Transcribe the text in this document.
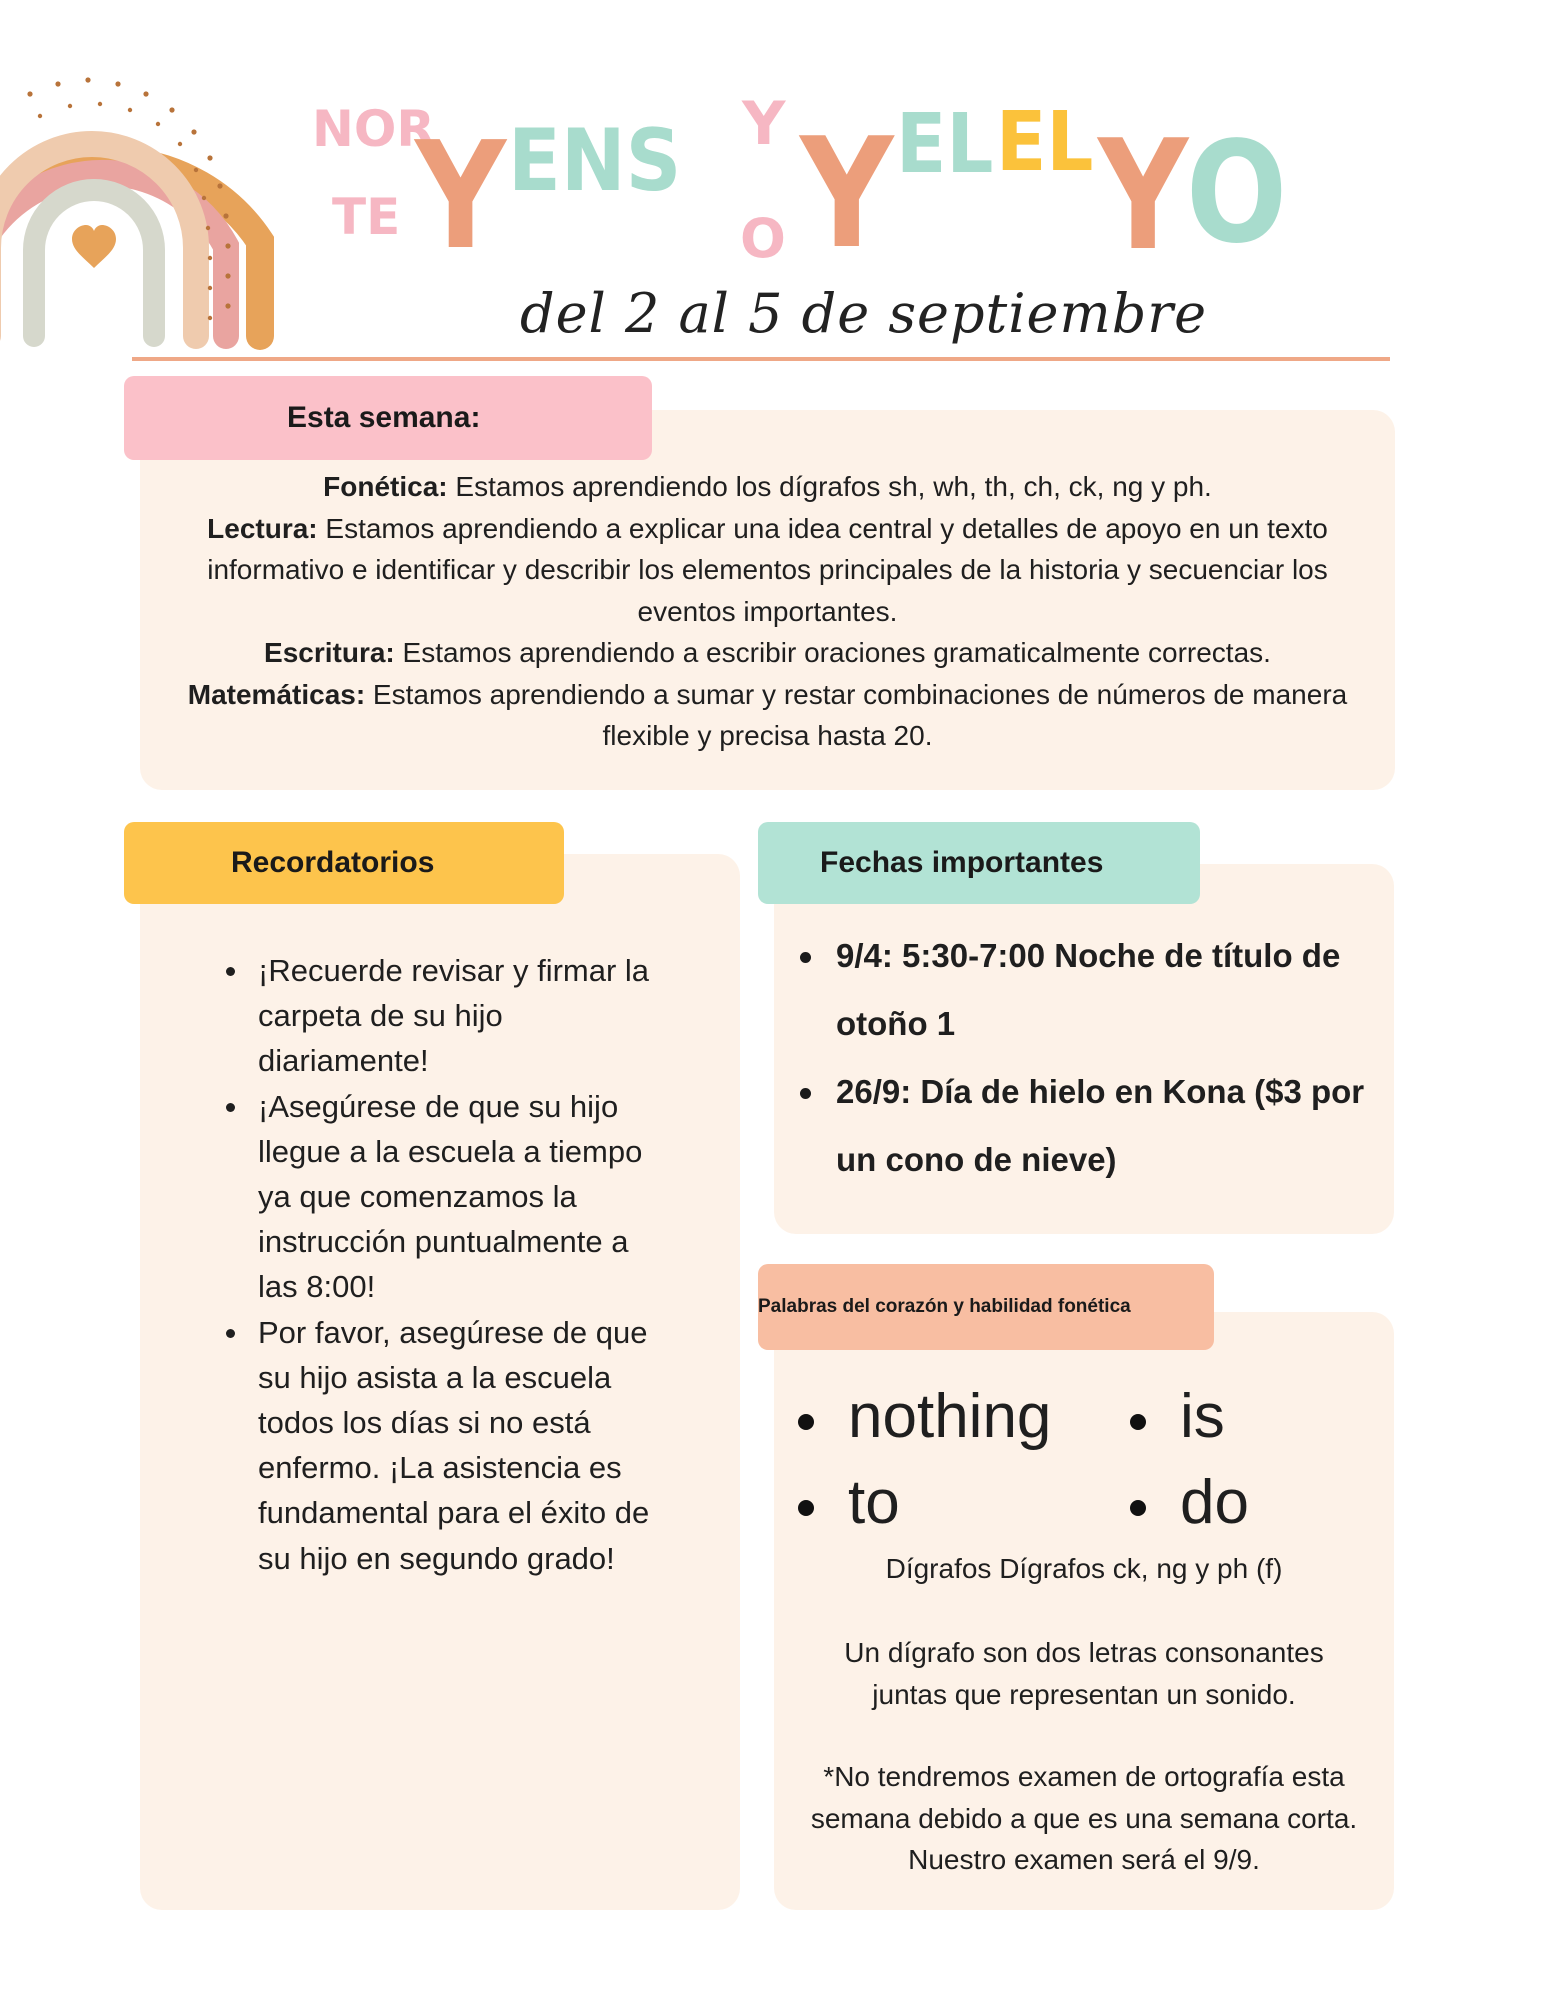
NOR
TE Y ENS Y
O Y EL EL Y
O
del 2 al 5 de septiembre
Esta semana:

Fonética: Estamos aprendiendo los dígrafos sh, wh, th, ch, ck, ng y ph.

Lectura: Estamos aprendiendo a explicar una idea central y detalles de apoyo en un texto informativo e identificar y describir los elementos principales de la historia y secuenciar los eventos importantes.

Escritura: Estamos aprendiendo a escribir oraciones gramaticalmente correctas.

Matemáticas: Estamos aprendiendo a sumar y restar combinaciones de números de manera flexible y precisa hasta 20.

Recordatorios
¡Recuerde revisar y firmar la carpeta de su hijo diariamente!
¡Asegúrese de que su hijo llegue a la escuela a tiempo ya que comenzamos la instrucción puntualmente a las 8:00!
Por favor, asegúrese de que su hijo asista a la escuela todos los días si no está enfermo. ¡La asistencia es fundamental para el éxito de su hijo en segundo grado!
Fechas importantes
9/4: 5:30-7:00 Noche de título de otoño 1
26/9: Día de hielo en Kona ($3 por un cono de nieve)
Palabras del corazón y habilidad fonética
nothing
to
is
do
Dígrafos Dígrafos ck, ng y ph (f)
Un dígrafo son dos letras consonantes juntas que representan un sonido.
*No tendremos examen de ortografía esta semana debido a que es una semana corta. Nuestro examen será el 9/9.
